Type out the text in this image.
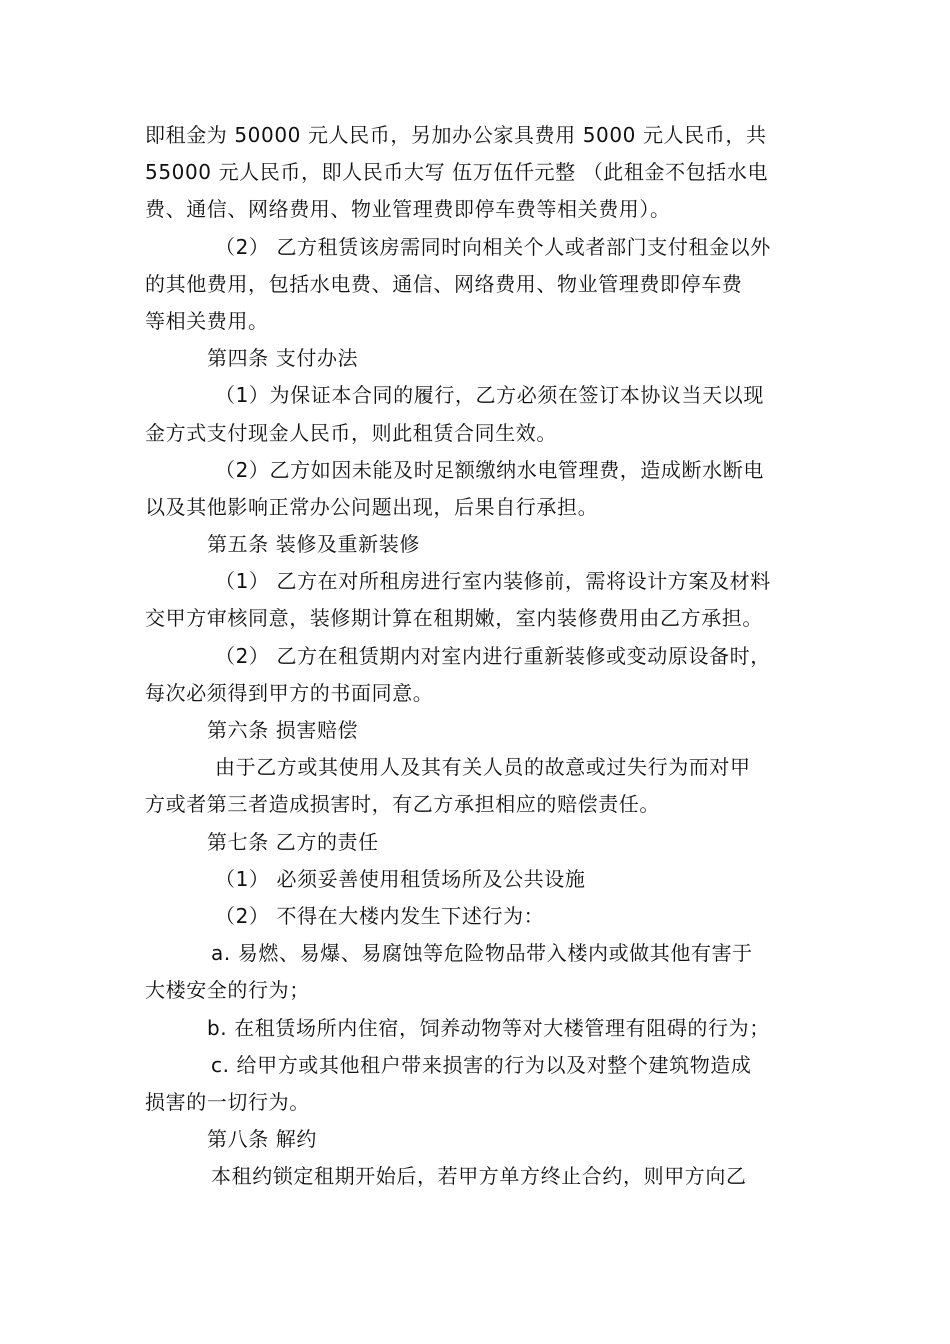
即租金为 50000 元人民币，另加办公家具费用 5000 元人民币，共
55000 元人民币，即人民币大写 伍万伍仟元整 （此租金不包括水电
费、通信、网络费用、物业管理费即停车费等相关费用）。
（2） 乙方租赁该房需同时向相关个人或者部门支付租金以外
的其他费用，包括水电费、通信、网络费用、物业管理费即停车费
等相关费用。
第四条 支付办法
（1）为保证本合同的履行，乙方必须在签订本协议当天以现
金方式支付现金人民币，则此租赁合同生效。
（2）乙方如因未能及时足额缴纳水电管理费，造成断水断电
以及其他影响正常办公问题出现，后果自行承担。
第五条 装修及重新装修
（1） 乙方在对所租房进行室内装修前，需将设计方案及材料
交甲方审核同意，装修期计算在租期嫩，室内装修费用由乙方承担。
（2） 乙方在租赁期内对室内进行重新装修或变动原设备时，
每次必须得到甲方的书面同意。
第六条 损害赔偿
由于乙方或其使用人及其有关人员的故意或过失行为而对甲
方或者第三者造成损害时，有乙方承担相应的赔偿责任。
第七条 乙方的责任
（1） 必须妥善使用租赁场所及公共设施
（2） 不得在大楼内发生下述行为：
a. 易燃、易爆、易腐蚀等危险物品带入楼内或做其他有害于
大楼安全的行为；
b. 在租赁场所内住宿，饲养动物等对大楼管理有阻碍的行为；
c. 给甲方或其他租户带来损害的行为以及对整个建筑物造成
损害的一切行为。
第八条 解约
本租约锁定租期开始后，若甲方单方终止合约，则甲方向乙
